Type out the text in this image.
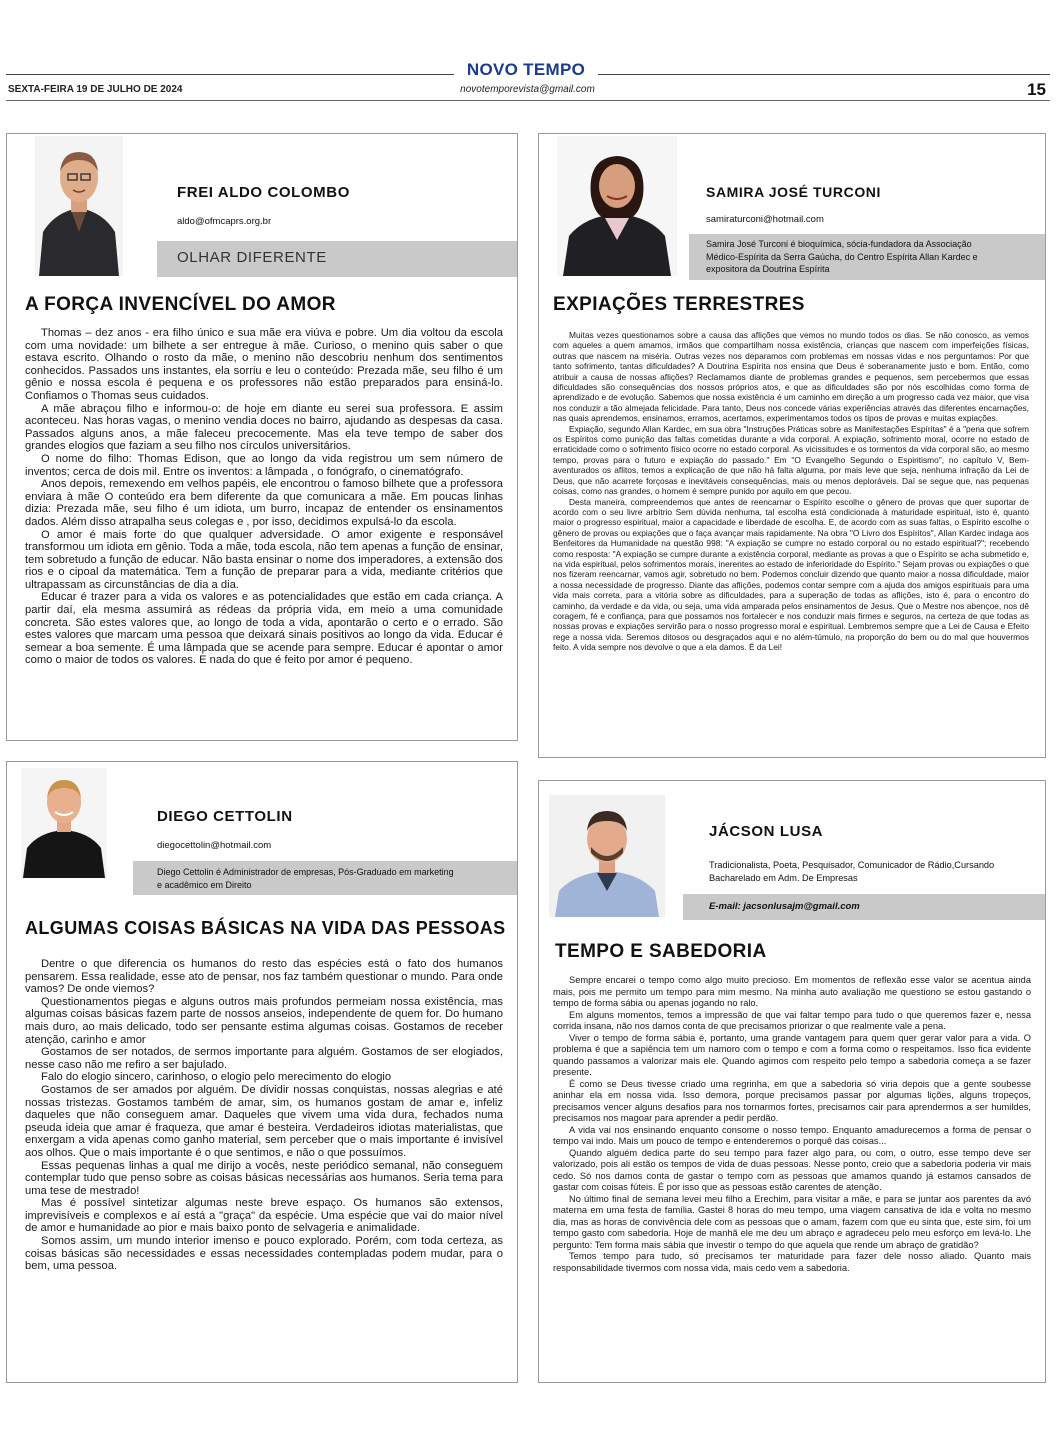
NOVO TEMPO
SEXTA-FEIRA 19 DE JULHO DE 2024	novotemporevista@gmail.com	15
FREI ALDO COLOMBO
aldo@ofmcaprs.org.br
OLHAR DIFERENTE
A FORÇA INVENCÍVEL DO AMOR

Thomas – dez anos - era filho único e sua mãe era viúva e pobre. Um dia voltou da escola com uma novidade: um bilhete a ser entregue à mãe. Curioso, o menino quis saber o que estava escrito. Olhando o rosto da mãe, o menino não descobriu nenhum dos sentimentos conhecidos. Passados uns instantes, ela sorriu e leu o conteúdo: Prezada mãe, seu filho é um gênio e nossa escola é pequena e os professores não estão preparados para ensiná-lo. Confiamos o Thomas seus cuidados.

A mãe abraçou filho e informou-o: de hoje em diante eu serei sua professora. E assim aconteceu. Nas horas vagas, o menino vendia doces no bairro, ajudando as despesas da casa. Passados alguns anos, a mãe faleceu precocemente. Mas ela teve tempo de saber dos grandes elogios que faziam a seu filho nos círculos universitários.

O nome do filho: Thomas Edison, que ao longo da vida registrou um sem número de inventos; cerca de dois mil. Entre os inventos: a lâmpada , o fonógrafo, o cinematógrafo.

Anos depois, remexendo em velhos papéis, ele encontrou o famoso bilhete que a professora enviara à mãe O conteúdo era bem diferente da que comunicara a mãe. Em poucas linhas dizia: Prezada mãe, seu filho é um idiota, um burro, incapaz de entender os ensinamentos dados. Além disso atrapalha seus colegas e , por isso, decidimos expulsá-lo da escola.

O amor é mais forte do que qualquer adversidade. O amor exigente e responsável transformou um idiota em gênio. Toda a mãe, toda escola, não tem apenas a função de ensinar, tem sobretudo a função de educar. Não basta ensinar o nome dos imperadores, a extensão dos rios e o cipoal da matemática. Tem a função de preparar para a vida, mediante critérios que ultrapassam as circunstâncias de dia a dia.

Educar é trazer para a vida os valores e as potencialidades que estão em cada criança. A partir daí, ela mesma assumirá as rédeas da própria vida, em meio a uma comunidade concreta. São estes valores que, ao longo de toda a vida, apontarão o certo e o errado. São estes valores que marcam uma pessoa que deixará sinais positivos ao longo da vida. Educar é semear a boa semente. É uma lâmpada que se acende para sempre. Educar é apontar o amor como o maior de todos os valores. E nada do que é feito por amor é pequeno.

SAMIRA JOSÉ TURCONI
samiraturconi@hotmail.com
Samira José Turconi é bioquímica, sócia-fundadora da Associação Médico-Espírita da Serra Gaúcha, do Centro Espírita Allan Kardec e expositora da Doutrina Espírita
EXPIAÇÕES TERRESTRES

Muitas vezes questionamos sobre a causa das aflições que vemos no mundo todos os dias. Se não conosco, as vemos com aqueles a quem amamos, irmãos que compartilham nossa existência, crianças que nascem com imperfeições físicas, outras que nascem na miséria. Outras vezes nos deparamos com problemas em nossas vidas e nos perguntamos: Por que tanto sofrimento, tantas dificuldades? A Doutrina Espírita nos ensina que Deus é soberanamente justo e bom. Então, como atribuir a causa de nossas aflições? Reclamamos diante de problemas grandes e pequenos, sem percebermos que essas dificuldades são consequências dos nossos próprios atos, e que as dificuldades são por nós escolhidas como forma de aprendizado e de evolução. Sabemos que nossa existência é um caminho em direção a um progresso cada vez maior, que visa nos conduzir a tão almejada felicidade. Para tanto, Deus nos concede várias experiências através das diferentes encarnações, nas quais aprendemos, ensinamos, erramos, acertamos, experimentamos todos os tipos de provas e muitas expiações.

Expiação, segundo Allan Kardec, em sua obra "Instruções Práticas sobre as Manifestações Espíritas" é a "pena que sofrem os Espíritos como punição das faltas cometidas durante a vida corporal. A expiação, sofrimento moral, ocorre no estado de erraticidade como o sofrimento físico ocorre no estado corporal. As vicissitudes e os tormentos da vida corporal são, ao mesmo tempo, provas para o futuro e expiação do passado." Em "O Evangelho Segundo o Espiritismo", no capítulo V, Bem-aventurados os aflitos, temos a explicação de que não há falta alguma, por mais leve que seja, nenhuma infração da Lei de Deus, que não acarrete forçosas e inevitáveis consequências, mais ou menos deploráveis. Daí se segue que, nas pequenas coisas, como nas grandes, o homem é sempre punido por aquilo em que pecou.

Desta maneira, compreendemos que antes de reencarnar o Espírito escolhe o gênero de provas que quer suportar de acordo com o seu livre arbítrio Sem dúvida nenhuma, tal escolha está condicionada à maturidade espiritual, isto é, quanto maior o progresso espiritual, maior a capacidade e liberdade de escolha. E, de acordo com as suas faltas, o Espírito escolhe o gênero de provas ou expiações que o faça avançar mais rapidamente. Na obra "O Livro dos Espíritos", Allan Kardec indaga aos Benfeitores da Humanidade na questão 998: "A expiação se cumpre no estado corporal ou no estado espiritual?"; recebendo como resposta: "A expiação se cumpre durante a existência corporal, mediante as provas a que o Espírito se acha submetido e, na vida espiritual, pelos sofrimentos morais, inerentes ao estado de inferioridade do Espírito." Sejam provas ou expiações o que nos fizeram reencarnar, vamos agir, sobretudo no bem. Podemos concluir dizendo que quanto maior a nossa dificuldade, maior a nossa necessidade de progresso. Diante das aflições, podemos contar sempre com a ajuda dos amigos espirituais para uma vida mais correta, para a vitória sobre as dificuldades, para a superação de todas as aflições, isto é, para o encontro do caminho, da verdade e da vida, ou seja, uma vida amparada pelos ensinamentos de Jesus. Que o Mestre nos abençoe, nos dê coragem, fé e confiança, para que possamos nos fortalecer e nos conduzir mais firmes e seguros, na certeza de que todas as nossas provas e expiações servirão para o nosso progresso moral e espiritual. Lembremos sempre que a Lei de Causa e Efeito rege a nossa vida. Seremos ditosos ou desgraçados aqui e no além-túmulo, na proporção do bem ou do mal que houvermos feito. A vida sempre nos devolve o que a ela damos. É da Lei!

DIEGO CETTOLIN
diegocettolin@hotmail.com
Diego Cettolin é Administrador de empresas, Pós-Graduado em marketing e acadêmico em Direito
ALGUMAS COISAS BÁSICAS NA VIDA DAS PESSOAS

Dentre o que diferencia os humanos do resto das espécies está o fato dos humanos pensarem. Essa realidade, esse ato de pensar, nos faz também questionar o mundo. Para onde vamos? De onde viemos?

Questionamentos piegas e alguns outros mais profundos permeiam nossa existência, mas algumas coisas básicas fazem parte de nossos anseios, independente de quem for. Do humano mais duro, ao mais delicado, todo ser pensante estima algumas coisas. Gostamos de receber atenção, carinho e amor

Gostamos de ser notados, de sermos importante para alguém. Gostamos de ser elogiados, nesse caso não me refiro a ser bajulado.

Falo do elogio sincero, carinhoso, o elogio pelo merecimento do elogio

Gostamos de ser amados por alguém. De dividir nossas conquistas, nossas alegrias e até nossas tristezas. Gostamos também de amar, sim, os humanos gostam de amar e, infeliz daqueles que não conseguem amar. Daqueles que vivem uma vida dura, fechados numa pseuda ideia que amar é fraqueza, que amar é besteira. Verdadeiros idiotas materialistas, que enxergam a vida apenas como ganho material, sem perceber que o mais importante é invisível aos olhos. Que o mais importante é o que sentimos, e não o que possuímos.

Essas pequenas linhas a qual me dirijo a vocês, neste periódico semanal, não conseguem contemplar tudo que penso sobre as coisas básicas necessárias aos humanos. Seria tema para uma tese de mestrado!

Mas é possível sintetizar algumas neste breve espaço. Os humanos são extensos, imprevisíveis e complexos e aí está a "graça" da espécie. Uma espécie que vai do maior nível de amor e humanidade ao pior e mais baixo ponto de selvageria e animalidade.

Somos assim, um mundo interior imenso e pouco explorado. Porém, com toda certeza, as coisas básicas são necessidades e essas necessidades contempladas podem mudar, para o bem, uma pessoa.

JÁCSON LUSA
Tradicionalista, Poeta, Pesquisador, Comunicador de Rádio,Cursando Bacharelado em Adm. De Empresas
E-mail: jacsonlusajm@gmail.com
TEMPO E SABEDORIA

Sempre encarei o tempo como algo muito precioso. Em momentos de reflexão esse valor se acentua ainda mais, pois me permito um tempo para mim mesmo. Na minha auto avaliação me questiono se estou gastando o tempo de forma sábia ou apenas jogando no ralo.

Em alguns momentos, temos a impressão de que vai faltar tempo para tudo o que queremos fazer e, nessa corrida insana, não nos damos conta de que precisamos priorizar o que realmente vale a pena.

Viver o tempo de forma sábia é, portanto, uma grande vantagem para quem quer gerar valor para a vida. O problema é que a sapiência tem um namoro com o tempo e com a forma como o respeitamos. Isso fica evidente quando passamos a valorizar mais ele. Quando agimos com respeito pelo tempo a sabedoria começa a se fazer presente.

É como se Deus tivesse criado uma regrinha, em que a sabedoria só viria depois que a gente soubesse aninhar ela em nossa vida. Isso demora, porque precisamos passar por algumas lições, alguns tropeços, precisamos vencer alguns desafios para nos tornarmos fortes, precisamos cair para aprendermos a ser humildes, precisamos nos magoar para aprender a pedir perdão.

A vida vai nos ensinando enquanto consome o nosso tempo. Enquanto amadurecemos a forma de pensar o tempo vai indo. Mais um pouco de tempo e entenderemos o porquê das coisas...

Quando alguém dedica parte do seu tempo para fazer algo para, ou com, o outro, esse tempo deve ser valorizado, pois ali estão os tempos de vida de duas pessoas. Nesse ponto, creio que a sabedoria poderia vir mais cedo. Só nos damos conta de gastar o tempo com as pessoas que amamos quando já estamos cansados de gastar com coisas fúteis. É por isso que as pessoas estão carentes de atenção.

No último final de semana levei meu filho a Erechim, para visitar a mãe, e para se juntar aos parentes da avó materna em uma festa de família. Gastei 8 horas do meu tempo, uma viagem cansativa de ida e volta no mesmo dia, mas as horas de convivência dele com as pessoas que o amam, fazem com que eu sinta que, este sim, foi um tempo gasto com sabedoria. Hoje de manhã ele me deu um abraço e agradeceu pelo meu esforço em levá-lo. Lhe pergunto: Tem forma mais sábia que investir o tempo do que aquela que rende um abraço de gratidão?

Temos tempo para tudo, só precisamos ter maturidade para fazer dele nosso aliado. Quanto mais responsabilidade tivermos com nossa vida, mais cedo vem a sabedoria.
